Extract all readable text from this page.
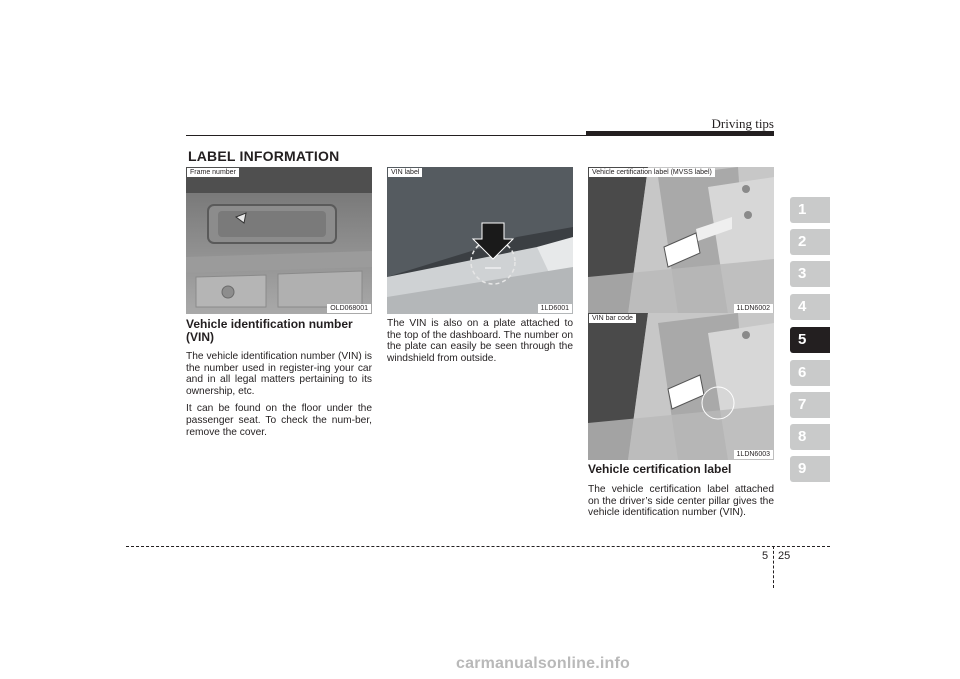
Driving tips
LABEL INFORMATION
1
2
3
4
5
6
7
8
9
Frame number
OLD068001
VIN label
1LD6001
Vehicle certification label (MVSS label)
1LDN6002
VIN bar code
1LDN6003
Vehicle identification number (VIN)

The vehicle identification number (VIN) is the number used in register-ing your car and in all legal matters pertaining to its ownership, etc.

It can be found on the floor under the passenger seat. To check the num-ber, remove the cover.

The VIN is also on a plate attached to the top of the dashboard. The number on the plate can easily be seen through the windshield from outside.
Vehicle certification label
The vehicle certification label attached on the driver’s side center pillar gives the vehicle identification number (VIN).
5 25
carmanualsonline.info
